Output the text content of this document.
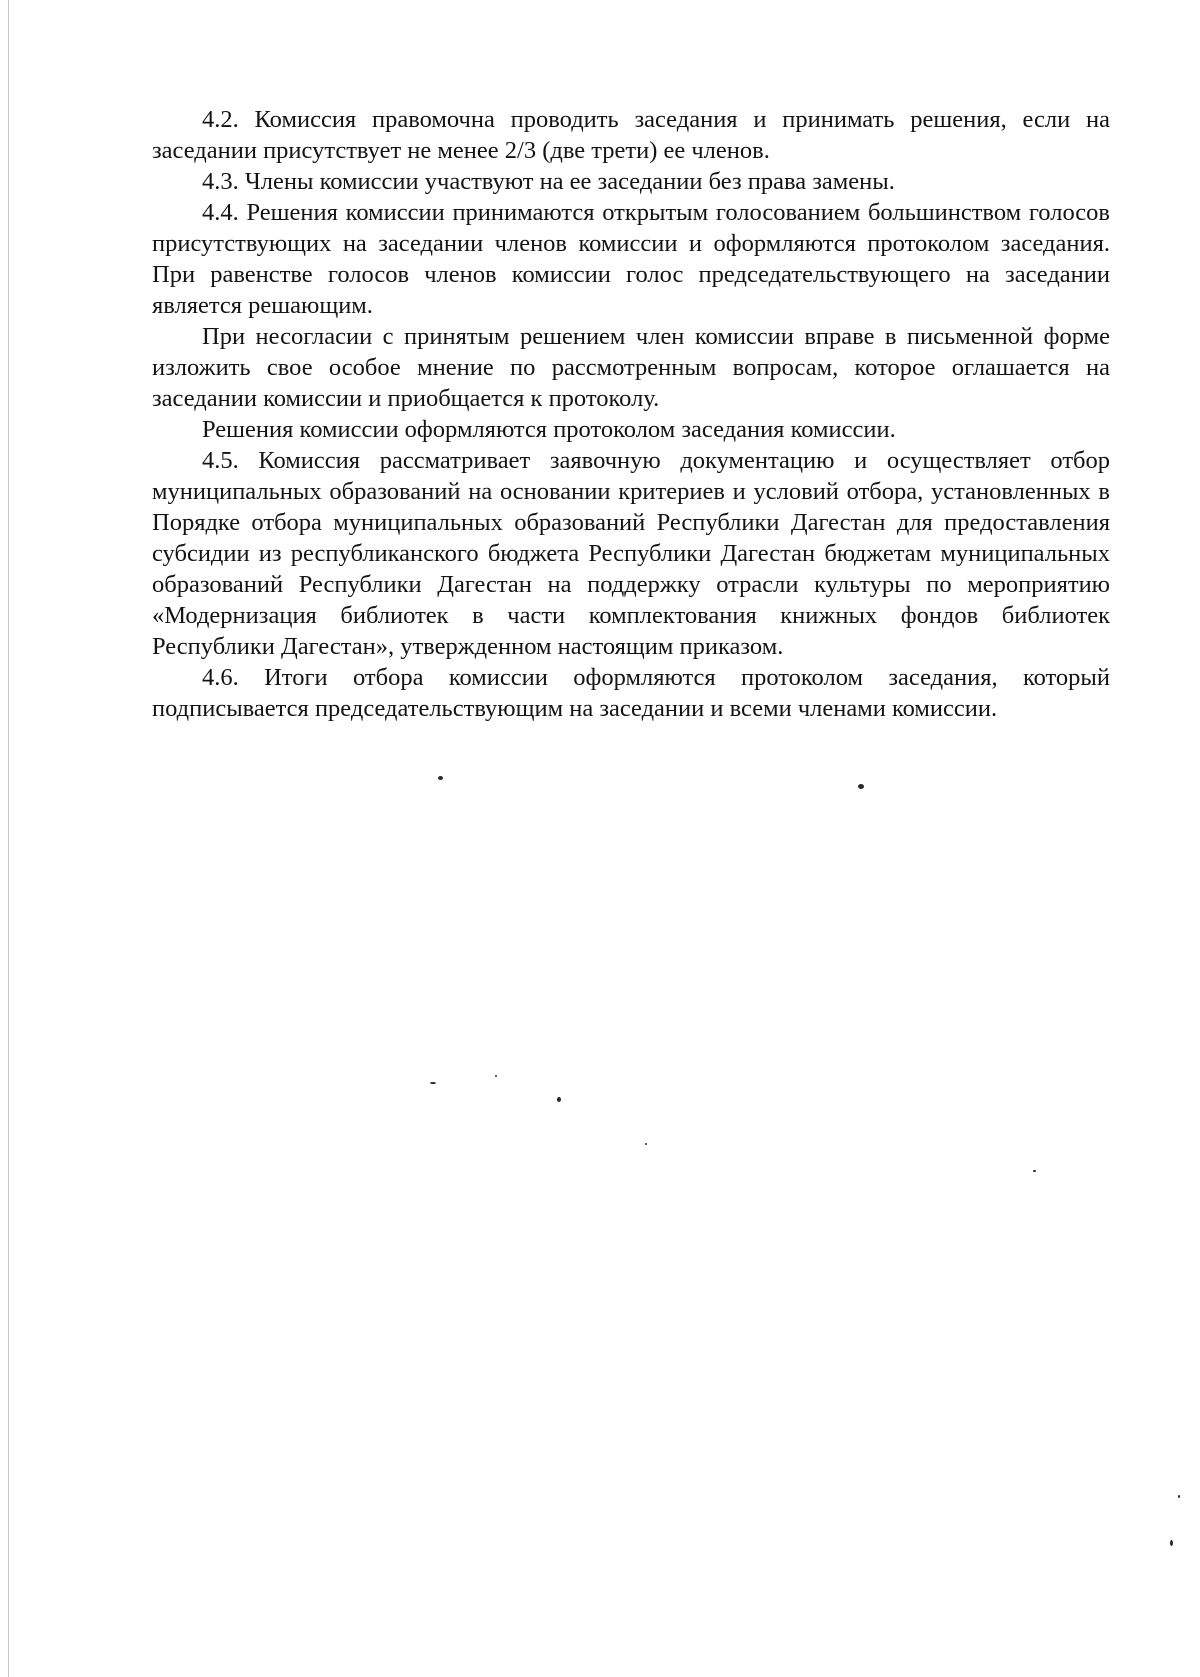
4.2. Комиссия правомочна проводить заседания и принимать решения, если на заседании присутствует не менее 2/3 (две трети) ее членов.

4.3. Члены комиссии участвуют на ее заседании без права замены.

4.4. Решения комиссии принимаются открытым голосованием большинством голосов присутствующих на заседании членов комиссии и оформляются протоколом заседания. При равенстве голосов членов комиссии голос председательствующего на заседании является решающим.

При несогласии с принятым решением член комиссии вправе в письменной форме изложить свое особое мнение по рассмотренным вопросам, которое оглашается на заседании комиссии и приобщается к протоколу.

Решения комиссии оформляются протоколом заседания комиссии.

4.5. Комиссия рассматривает заявочную документацию и осуществляет отбор муниципальных образований на основании критериев и условий отбора, установленных в Порядке отбора муниципальных образований Республики Дагестан для предоставления субсидии из республиканского бюджета Республики Дагестан бюджетам муниципальных образований Республики Дагестан на поддержку отрасли культуры по мероприятию «Модернизация библиотек в части комплектования книжных фондов библиотек Республики Дагестан», утвержденном настоящим приказом.

4.6. Итоги отбора комиссии оформляются протоколом заседания, который подписывается председательствующим на заседании и всеми членами комиссии.
